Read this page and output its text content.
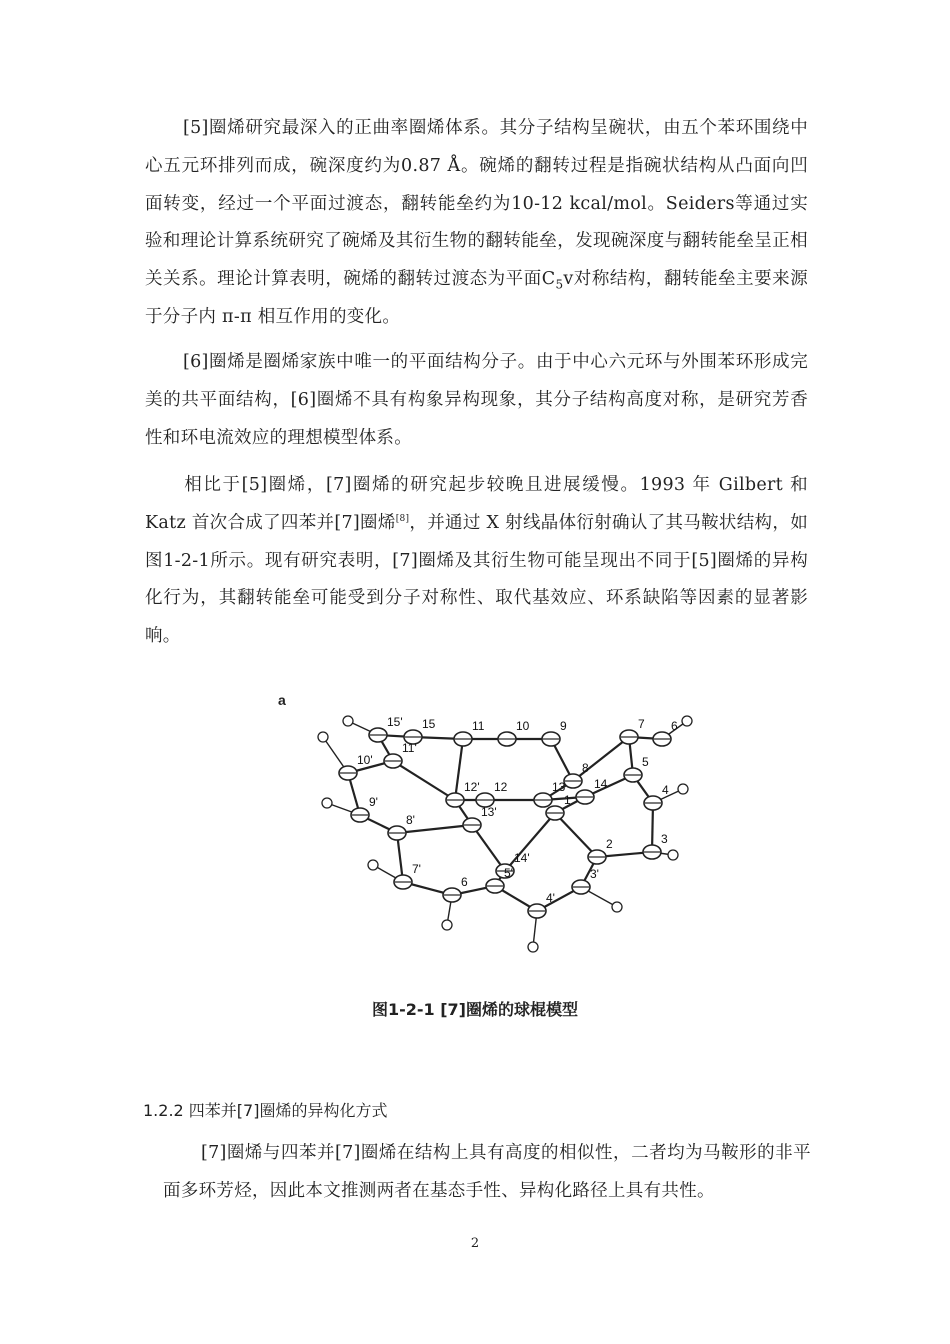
[5]圈烯研究最深入的正曲率圈烯体系。其分子结构呈碗状，由五个苯环围绕中心五元环排列而成，碗深度约为0.87 Å。碗烯的翻转过程是指碗状结构从凸面向凹面转变，经过一个平面过渡态，翻转能垒约为10-12 kcal/mol。Seiders等通过实验和理论计算系统研究了碗烯及其衍生物的翻转能垒，发现碗深度与翻转能垒呈正相关关系。理论计算表明，碗烯的翻转过渡态为平面$C_5v$对称结构，翻转能垒主要来源于分子内 π-π 相互作用的变化。

[6]圈烯是圈烯家族中唯一的平面结构分子。由于中心六元环与外围苯环形成完美的共平面结构，[6]圈烯不具有构象异构现象，其分子结构高度对称，是研究芳香性和环电流效应的理想模型体系。

相比于[5]圈烯，[7]圈烯的研究起步较晚且进展缓慢。1993 年 Gilbert 和 Katz 首次合成了四苯并[7]圈烯[8]，并通过 X 射线晶体衍射确认了其马鞍状结构，如图1-2-1所示。现有研究表明，[7]圈烯及其衍生物可能呈现出不同于[5]圈烯的异构化行为，其翻转能垒可能受到分子对称性、取代基效应、环系缺陷等因素的显著影响。

a
15' 15	11	10	9	7 6
10'
11'
12' 12	13
8
14
5
4
9'
8'
13'
1
14'
2	3
7'	5'	3'
6
4'
图1-2-1 [7]圈烯的球棍模型
1.2.2 四苯并[7]圈烯的异构化方式

[7]圈烯与四苯并[7]圈烯在结构上具有高度的相似性，二者均为马鞍形的非平面多环芳烃，因此本文推测两者在基态手性、异构化路径上具有共性。

2
